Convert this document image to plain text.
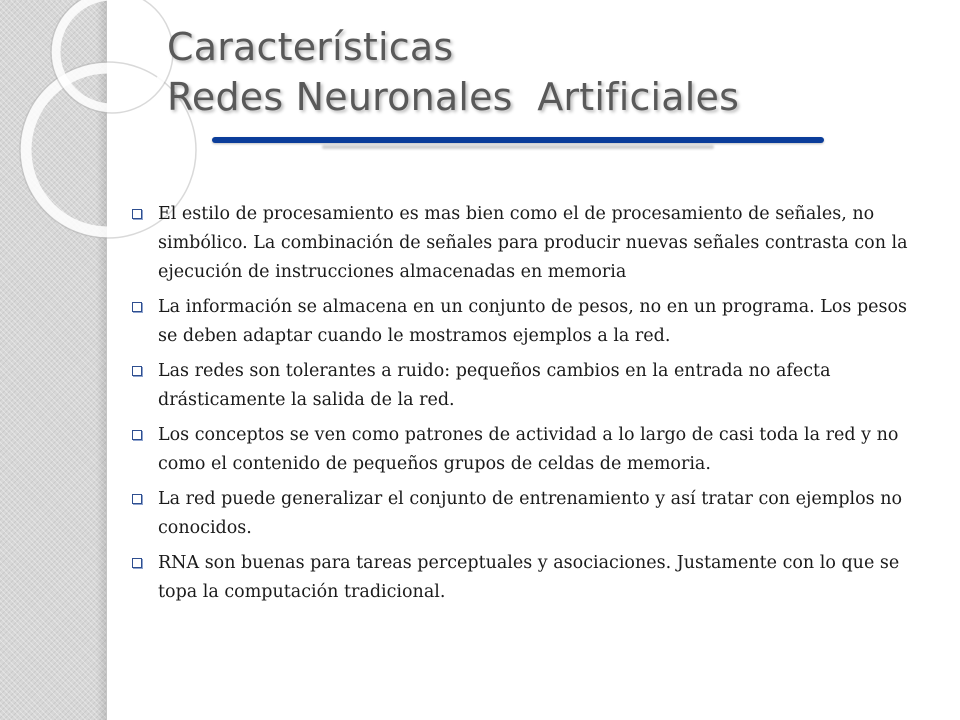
Características
Redes Neuronales  Artificiales
El estilo de procesamiento es mas bien como el de procesamiento de señales, no simbólico. La combinación de señales para producir nuevas señales contrasta con la ejecución de instrucciones almacenadas en memoria
La información se almacena en un conjunto de pesos, no en un programa. Los pesos se deben adaptar cuando le mostramos ejemplos a la red.
Las redes son tolerantes a ruido: pequeños cambios en la entrada no afecta drásticamente la salida de la red.
Los conceptos se ven como patrones de actividad a lo largo de casi toda la red y no como el contenido de pequeños grupos de celdas de memoria.
La red puede generalizar el conjunto de entrenamiento y así tratar con ejemplos no conocidos.
RNA son buenas para tareas perceptuales y asociaciones. Justamente con lo que se topa la computación tradicional.
